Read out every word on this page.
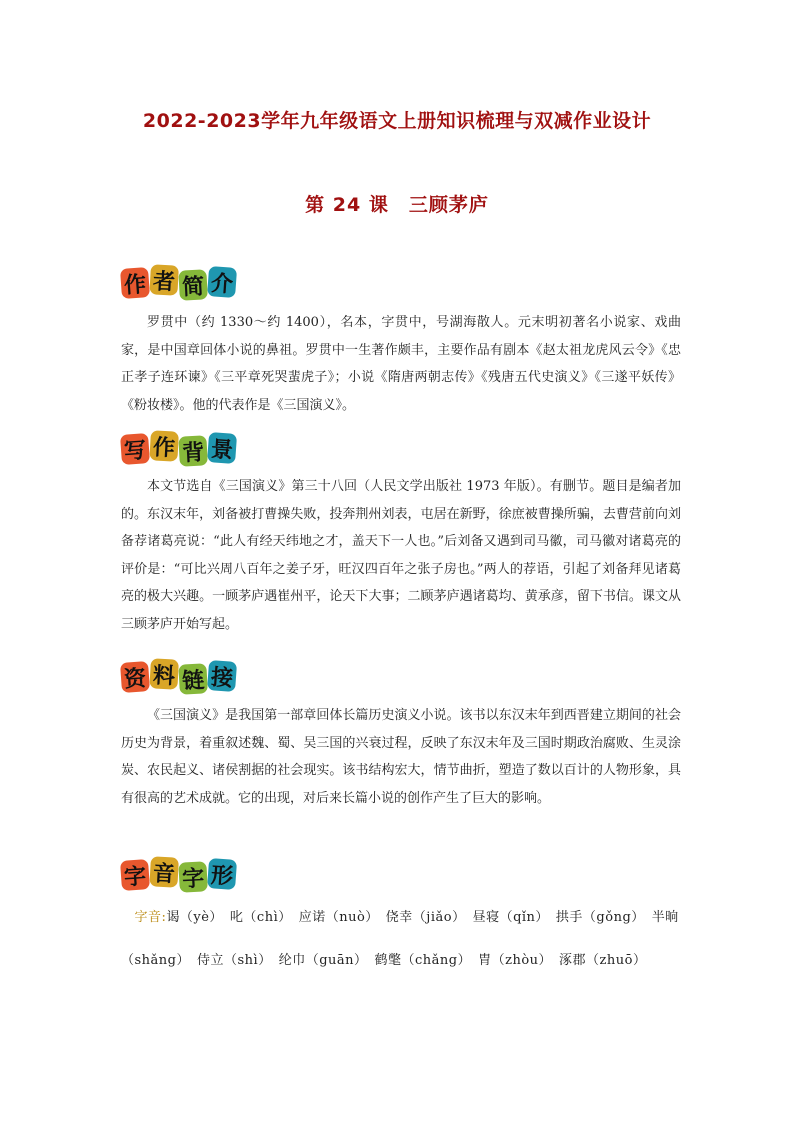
2022-2023学年九年级语文上册知识梳理与双减作业设计
第 24 课　三顾茅庐
作 者 简 介

罗贯中（约 1330～约 1400），名本，字贯中，号湖海散人。元末明初著名小说家、戏曲家，是中国章回体小说的鼻祖。罗贯中一生著作颇丰，主要作品有剧本《赵太祖龙虎风云令》《忠正孝子连环谏》《三平章死哭蜚虎子》；小说《隋唐两朝志传》《残唐五代史演义》《三遂平妖传》《粉妆楼》。他的代表作是《三国演义》。

写 作 背 景

本文节选自《三国演义》第三十八回（人民文学出版社 1973 年版）。有删节。题目是编者加的。东汉末年，刘备被打曹操失败，投奔荆州刘表，屯居在新野，徐庶被曹操所骗，去曹营前向刘备荐诸葛亮说：“此人有经天纬地之才，盖天下一人也。”后刘备又遇到司马徽，司马徽对诸葛亮的评价是：“可比兴周八百年之姜子牙，旺汉四百年之张子房也。”两人的荐语，引起了刘备拜见诸葛亮的极大兴趣。一顾茅庐遇崔州平，论天下大事；二顾茅庐遇诸葛均、黄承彦，留下书信。课文从三顾茅庐开始写起。

资 料 链 接

《三国演义》是我国第一部章回体长篇历史演义小说。该书以东汉末年到西晋建立期间的社会历史为背景，着重叙述魏、蜀、吴三国的兴衰过程，反映了东汉末年及三国时期政治腐败、生灵涂炭、农民起义、诸侯割据的社会现实。该书结构宏大，情节曲折，塑造了数以百计的人物形象，具有很高的艺术成就。它的出现，对后来长篇小说的创作产生了巨大的影响。

字 音 字 形

 字音:谒（yè）　叱（chì）　应诺（nuò）　侥幸（jiǎo）　昼寝（qǐn）　拱手（gǒng）　半晌（shǎng）　侍立（shì）　纶巾（guān）　鹤氅（chǎng）　胄（zhòu）　涿郡（zhuō）
